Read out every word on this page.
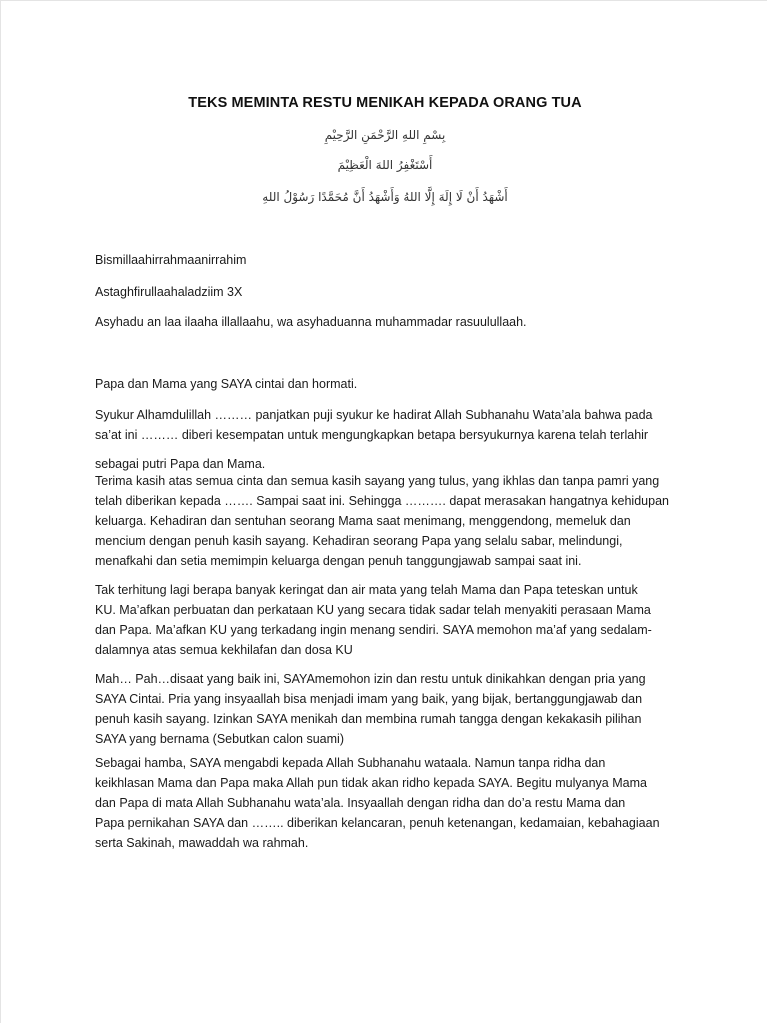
TEKS MEMINTA RESTU MENIKAH KEPADA ORANG TUA
بِسْمِ اللهِ الرَّحْمَنِ الرَّحِيْمِ
أَسْتَغْفِرُ اللهَ الْعَظِيْمَ
أَشْهَدُ أَنْ لَا إِلَهَ إِلَّا اللهُ وَأَشْهَدُ أَنَّ مُحَمَّدًا رَسُوْلُ اللهِ
Bismillaahirrahmaanirrahim
Astaghfirullaahaladziim 3X
Asyhadu an laa ilaaha illallaahu, wa asyhaduanna muhammadar rasuulullaah.
Papa dan Mama yang SAYA cintai dan hormati.
Syukur Alhamdulillah ……… panjatkan puji syukur ke hadirat Allah Subhanahu Wata’ala bahwa pada
sa’at ini ……… diberi kesempatan untuk mengungkapkan betapa bersyukurnya karena telah terlahir
sebagai putri Papa dan Mama.
Terima kasih atas semua cinta dan semua kasih sayang yang tulus, yang ikhlas dan tanpa pamri yang
telah diberikan kepada ……. Sampai saat ini. Sehingga ………. dapat merasakan hangatnya kehidupan
keluarga. Kehadiran dan sentuhan seorang Mama saat menimang, menggendong, memeluk dan
mencium dengan penuh kasih sayang. Kehadiran seorang Papa yang selalu sabar, melindungi,
menafkahi dan setia memimpin keluarga dengan penuh tanggungjawab sampai saat ini.
Tak terhitung lagi berapa banyak keringat dan air mata yang telah Mama dan Papa teteskan untuk
KU. Ma’afkan perbuatan dan perkataan KU yang secara tidak sadar telah menyakiti perasaan Mama
dan Papa. Ma’afkan KU yang terkadang ingin menang sendiri. SAYA memohon ma’af yang sedalam-
dalamnya atas semua kekhilafan dan dosa KU
Mah… Pah…disaat yang baik ini, SAYAmemohon izin dan restu untuk dinikahkan dengan pria yang
SAYA Cintai. Pria yang insyaallah bisa menjadi imam yang baik, yang bijak, bertanggungjawab dan
penuh kasih sayang. Izinkan SAYA menikah dan membina rumah tangga dengan kekakasih pilihan
SAYA yang bernama (Sebutkan calon suami)
Sebagai hamba, SAYA mengabdi kepada Allah Subhanahu wataala. Namun tanpa ridha dan
keikhlasan Mama dan Papa maka Allah pun tidak akan ridho kepada SAYA. Begitu mulyanya Mama
dan Papa di mata Allah Subhanahu wata’ala. Insyaallah dengan ridha dan do’a restu Mama dan
Papa pernikahan SAYA dan …….. diberikan kelancaran, penuh ketenangan, kedamaian, kebahagiaan
serta Sakinah, mawaddah wa rahmah.
